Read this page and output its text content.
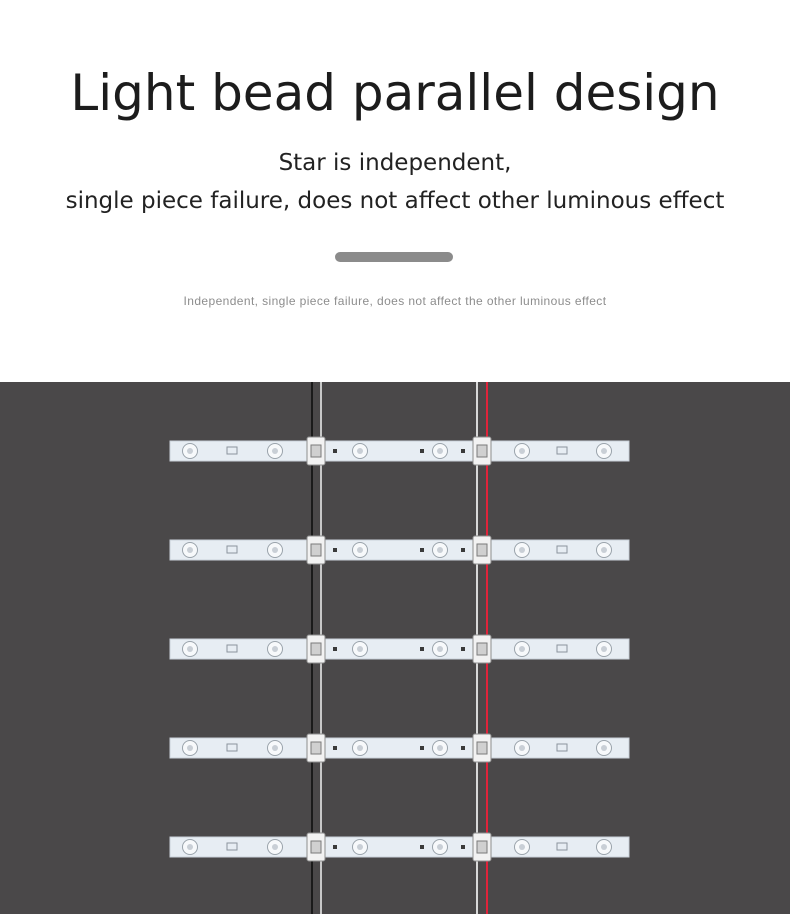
Light bead parallel design
Star is independent,
single piece failure, does not affect other luminous effect
Independent, single piece failure, does not affect the other luminous effect
